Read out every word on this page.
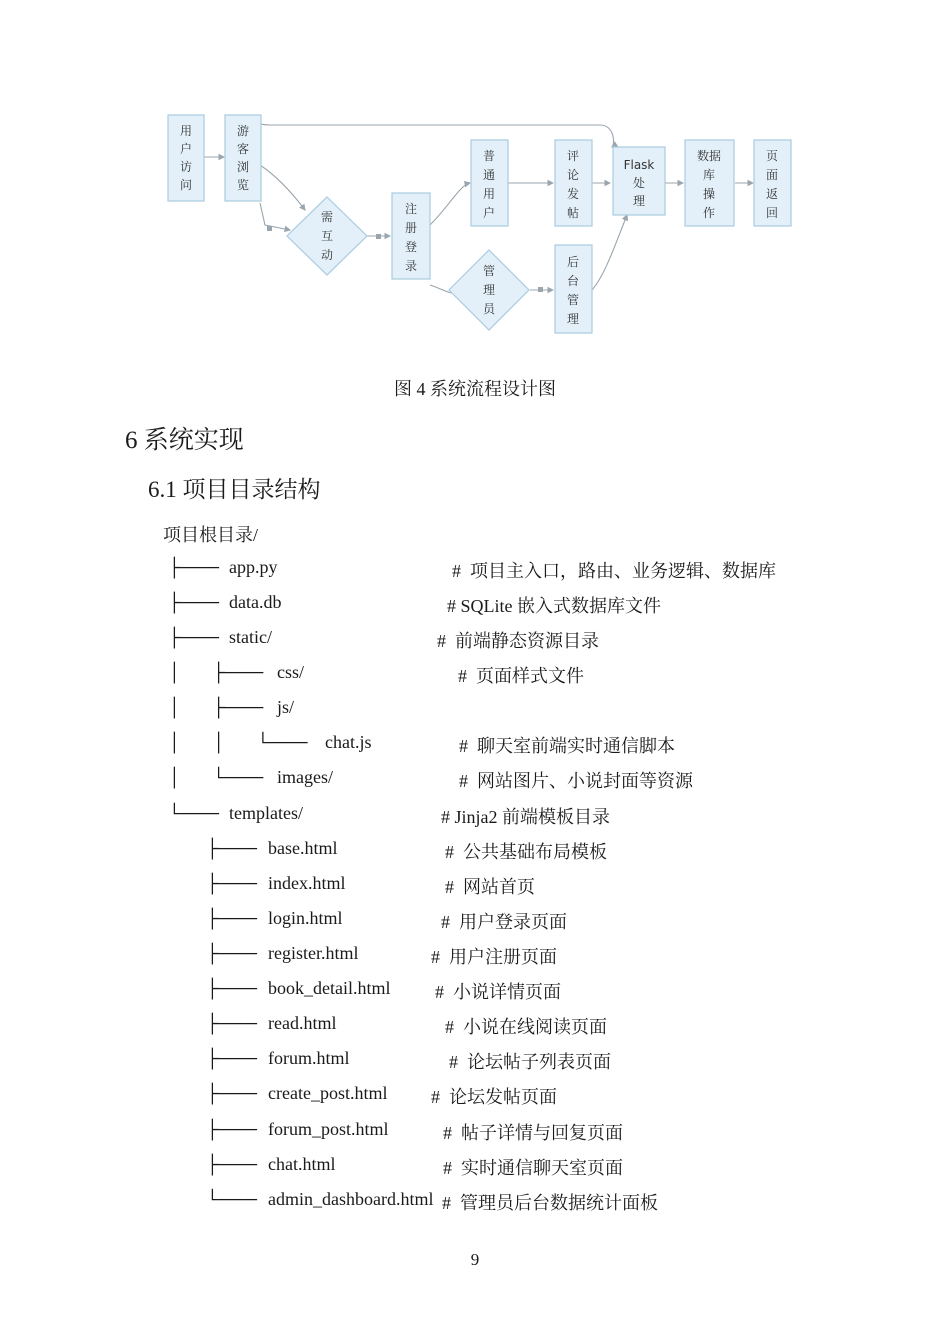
用
户
访
问
游
客
浏
览
需
互
动
注
册
登
录
普
通
用
户
管
理
员
评
论
发
帖
后
台
管
理
Flask
处
理
数据
库
操
作
页
面
返
回
图 4 系统流程设计图
6 系统实现
6.1 项目目录结构
项目根目录/

├───

app.py

	#  项目主入口，路由、业务逻辑、数据库

├───

data.db

	# SQLite 嵌入式数据库文件

├───

static/

	#  前端静态资源目录

│       ├───

css/

	#  页面样式文件

│       ├───

js/

│       │       └───

chat.js

	#  聊天室前端实时通信脚本

│       └───

images/

	#  网站图片、小说封面等资源

└───

templates/

	# Jinja2 前端模板目录

├───

base.html

	#  公共基础布局模板

├───

index.html

	#  网站首页

├───

login.html

	#  用户登录页面

├───

register.html

	#  用户注册页面

├───

book_detail.html

#  小说详情页面

├───

read.html

	#  小说在线阅读页面

├───

forum.html

	#  论坛帖子列表页面

├───

create_post.html

#  论坛发帖页面

├───

forum_post.html

	#  帖子详情与回复页面

├───

chat.html

	#  实时通信聊天室页面

└───

admin_dashboard.html

#  管理员后台数据统计面板

9
